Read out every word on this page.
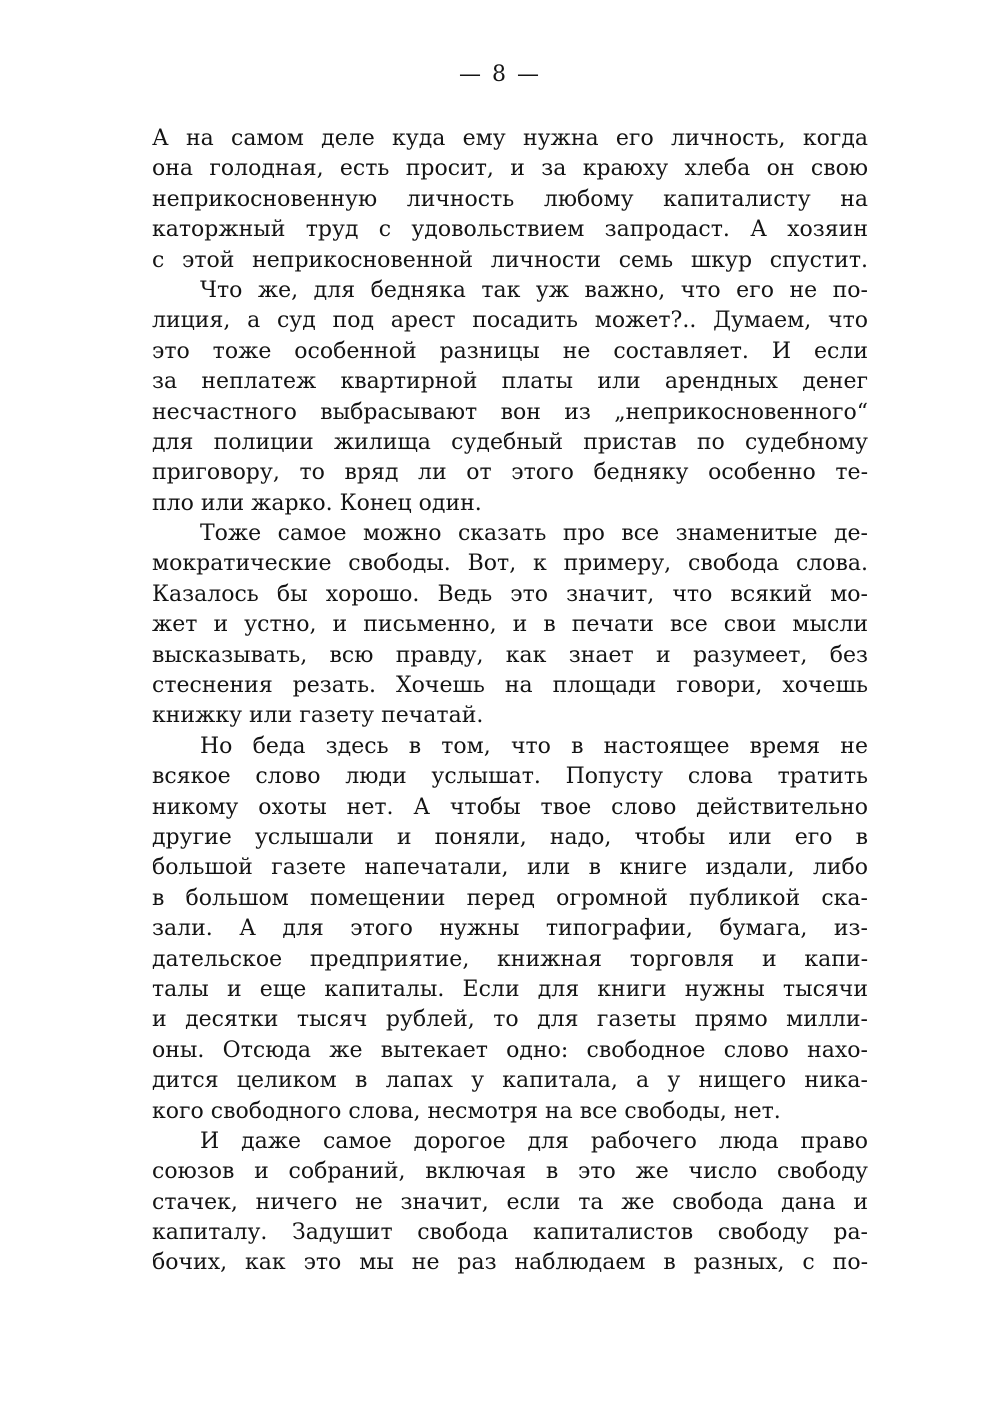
— 8 —
А на самом деле куда ему нужна его личность, когда
она голодная, есть просит, и за краюху хлеба он свою
неприкосновенную личность любому капиталисту на
каторжный труд с удовольствием запродаст. А хозяин
с этой неприкосновенной личности семь шкур спустит.
Что же, для бедняка так уж важно, что его не по-
лиция, а суд под арест посадить может?.. Думаем, что
это тоже особенной разницы не составляет. И если
за неплатеж квартирной платы или арендных денег
несчастного выбрасывают вон из „неприкосновенного“
для полиции жилища судебный пристав по судебному
приговору, то вряд ли от этого бедняку особенно те-
пло или жарко. Конец один.
Тоже самое можно сказать про все знаменитые де-
мократические свободы. Вот, к примеру, свобода слова.
Казалось бы хорошо. Ведь это значит, что всякий мо-
жет и устно, и письменно, и в печати все свои мысли
высказывать, всю правду, как знает и разумеет, без
стеснения резать. Хочешь на площади говори, хочешь
книжку или газету печатай.
Но беда здесь в том, что в настоящее время не
всякое слово люди услышат. Попусту слова тратить
никому охоты нет. А чтобы твое слово действительно
другие услышали и поняли, надо, чтобы или его в
большой газете напечатали, или в книге издали, либо
в большом помещении перед огромной публикой ска-
зали. А для этого нужны типографии, бумага, из-
дательское предприятие, книжная торговля и капи-
талы и еще капиталы. Если для книги нужны тысячи
и десятки тысяч рублей, то для газеты прямо милли-
оны. Отсюда же вытекает одно: свободное слово нахо-
дится целиком в лапах у капитала, а у нищего ника-
кого свободного слова, несмотря на все свободы, нет.
И даже самое дорогое для рабочего люда право
союзов и собраний, включая в это же число свободу
стачек, ничего не значит, если та же свобода дана и
капиталу. Задушит свобода капиталистов свободу ра-
бочих, как это мы не раз наблюдаем в разных, с по-
